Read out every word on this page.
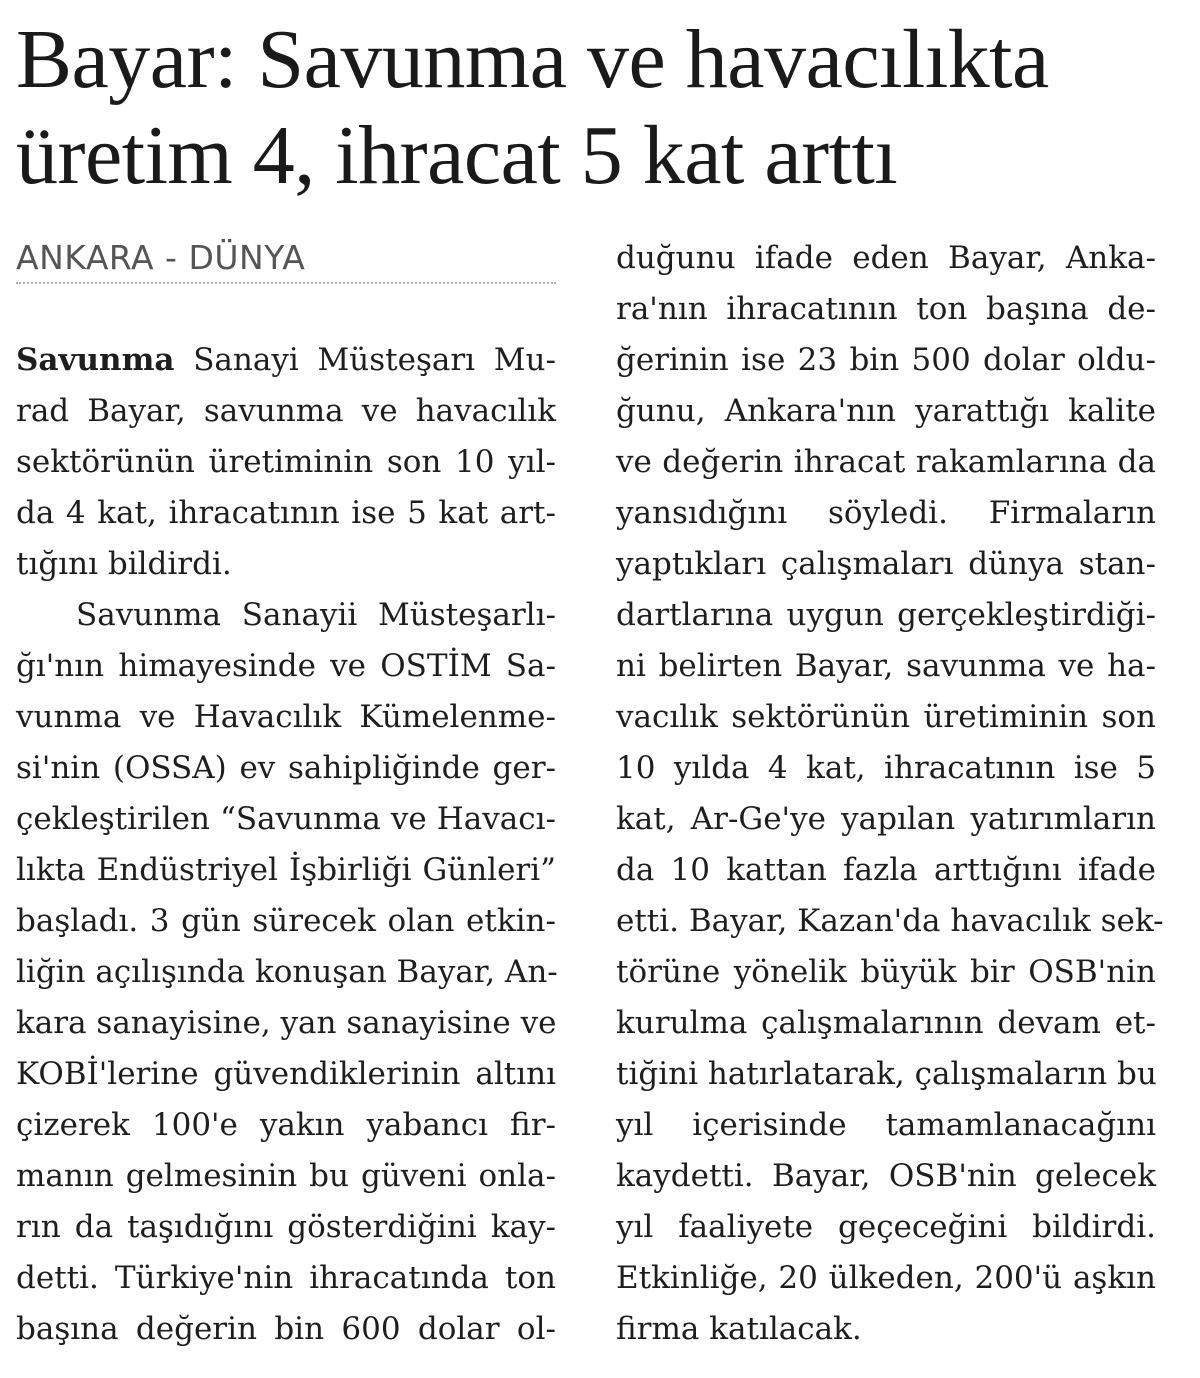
Bayar: Savunma ve havacılıkta
üretim 4, ihracat 5 kat arttı
ANKARA - DÜNYA
Savunma Sanayi Müsteşarı Mu-
rad Bayar, savunma ve havacılık
sektörünün üretiminin son 10 yıl-
da 4 kat, ihracatının ise 5 kat art-
tığını bildirdi.
Savunma Sanayii Müsteşarlı-
ğı'nın himayesinde ve OSTİM Sa-
vunma ve Havacılık Kümelenme-
si'nin (OSSA) ev sahipliğinde ger-
çekleştirilen “Savunma ve Havacı-
lıkta Endüstriyel İşbirliği Günleri”
başladı. 3 gün sürecek olan etkin-
liğin açılışında konuşan Bayar, An-
kara sanayisine, yan sanayisine ve
KOBİ'lerine güvendiklerinin altını
çizerek 100'e yakın yabancı fir-
manın gelmesinin bu güveni onla-
rın da taşıdığını gösterdiğini kay-
detti. Türkiye'nin ihracatında ton
başına değerin bin 600 dolar ol-
duğunu ifade eden Bayar, Anka-
ra'nın ihracatının ton başına de-
ğerinin ise 23 bin 500 dolar oldu-
ğunu, Ankara'nın yarattığı kalite
ve değerin ihracat rakamlarına da
yansıdığını söyledi. Firmaların
yaptıkları çalışmaları dünya stan-
dartlarına uygun gerçekleştirdiği-
ni belirten Bayar, savunma ve ha-
vacılık sektörünün üretiminin son
10 yılda 4 kat, ihracatının ise 5
kat, Ar-Ge'ye yapılan yatırımların
da 10 kattan fazla arttığını ifade
etti. Bayar, Kazan'da havacılık sek-
törüne yönelik büyük bir OSB'nin
kurulma çalışmalarının devam et-
tiğini hatırlatarak, çalışmaların bu
yıl içerisinde tamamlanacağını
kaydetti. Bayar, OSB'nin gelecek
yıl faaliyete geçeceğini bildirdi.
Etkinliğe, 20 ülkeden, 200'ü aşkın
firma katılacak.
